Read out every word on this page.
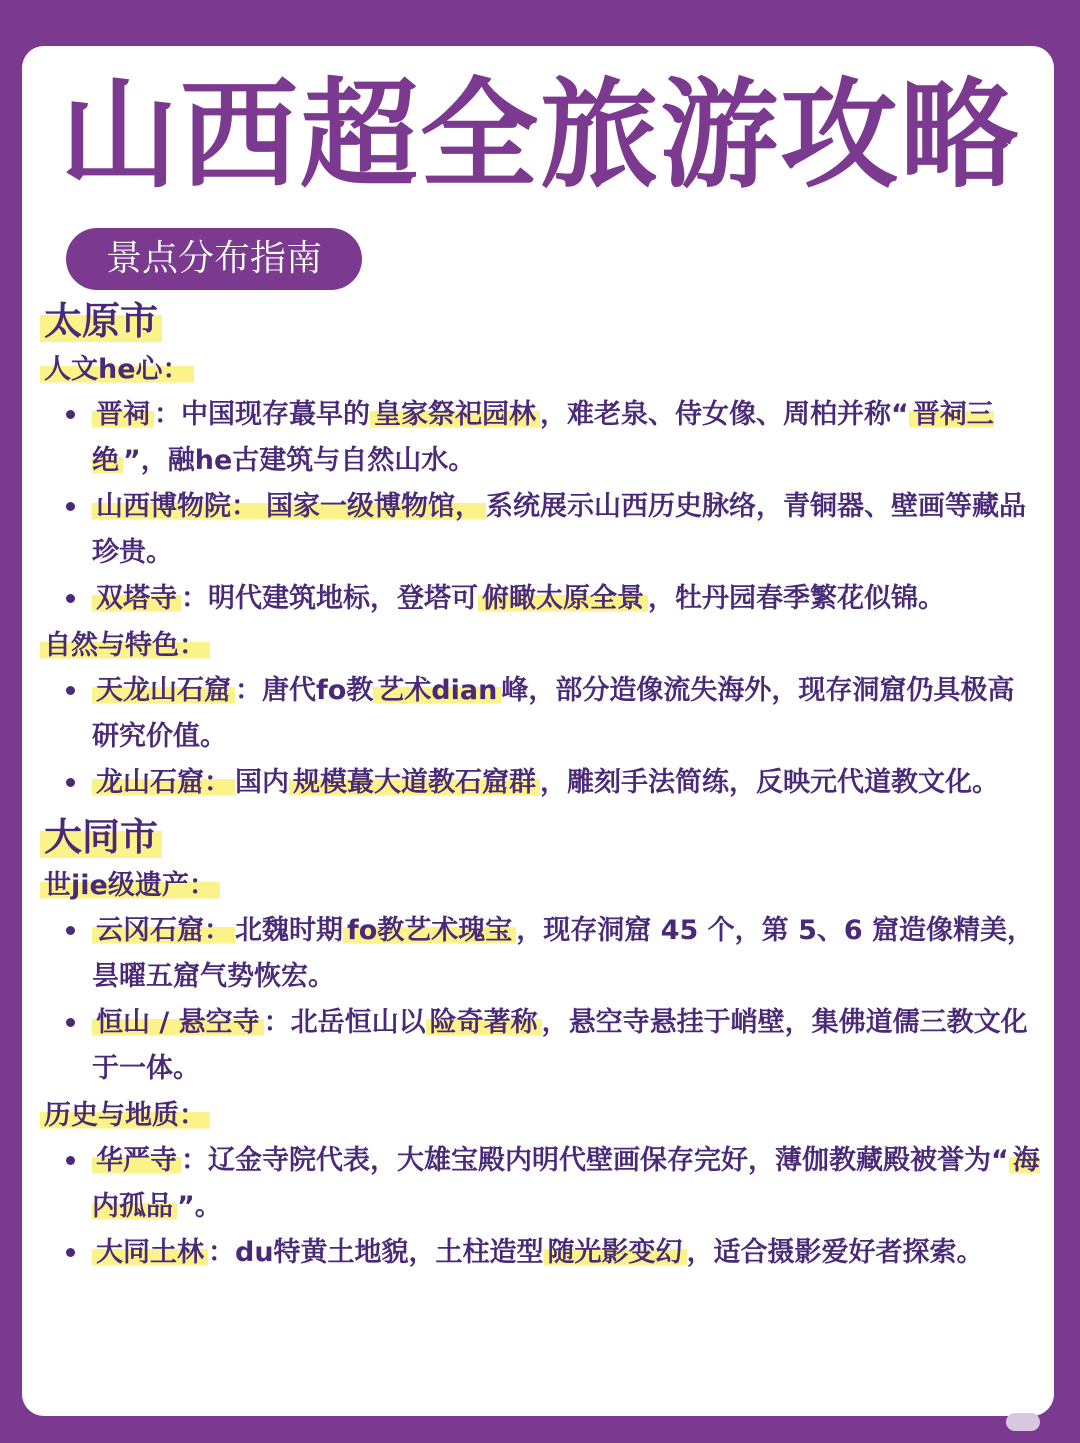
山西超全旅游攻略
景点分布指南
太原市
人文he心：
晋祠 ：中国现存蕞早的 皇家祭祀园林 ，难老泉、侍女像、周柏并称“ 晋祠三绝 ”，融he古建筑与自然山水。
山西博物院： 国家一级博物馆， 系统展示山西历史脉络，青铜器、壁画等藏品珍贵。
双塔寺 ：明代建筑地标，登塔可 俯瞰太原全景 ，牡丹园春季繁花似锦。
自然与特色：
天龙山石窟 ：唐代fo教 艺术dian 峰，部分造像流失海外，现存洞窟仍具极高研究价值。
龙山石窟： 国内 规模蕞大道教石窟群 ，雕刻手法简练，反映元代道教文化。
大同市
世jie级遗产：
云冈石窟： 北魏时期 fo教艺术瑰宝 ，现存洞窟 45 个，第 5、6 窟造像精美，昙曜五窟气势恢宏。
恒山 / 悬空寺 ：北岳恒山以 险奇著称 ，悬空寺悬挂于峭壁，集佛道儒三教文化于一体。
历史与地质：
华严寺 ：辽金寺院代表，大雄宝殿内明代壁画保存完好，薄伽教藏殿被誉为“ 海内孤品 ”。
大同土林 ：du特黄土地貌，土柱造型 随光影变幻 ，适合摄影爱好者探索。
